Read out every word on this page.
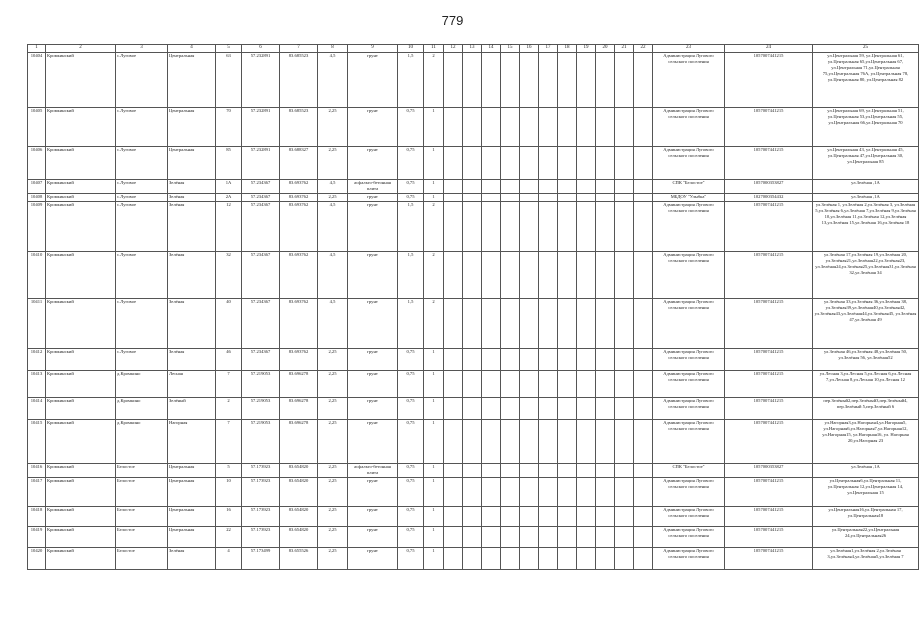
779
1	2	3	4	5	6	7	8	9	10	11	12	13	14	15	16	17	18	19	20	21	22	23	24	25
10404	Кромкинский	с.Луговое	Центральная	63	57.232891	83.685523	4,5	грунт	1,5	2												Администрация Лугового сельского поселения	1057007441215	ул.Центральная 59, ул.Центральная 61, ул.Центральная 65,ул.Центральная 67, ул.Центральная 71,ул.Центральная 75,ул.Центральная 76А, ул.Центральная 78, ул.Центральная 80, ул.Центральная 82
10405	Кромкинский	с.Луговое	Центральная	70	57.232891	83.685523	2,25	грунт	0,75	1												Администрация Лугового сельского поселения	1057007441215	ул.Центральная 69, ул.Центральная 51, ул.Центральная 53,ул.Центральная 55, ул.Центральная 66,ул.Центральная 70
10406	Кромкинский	с.Луговое	Центральная	85	57.232891	83.688327	2,25	грунт	0,75	1												Администрация Лугового сельского поселения	1057007441215	ул.Центральная 43, ул.Центральная 45, ул.Центральная 47,ул.Центральная 30, ул.Центральная 85
10407	Кромкинский	с.Луговое	Зелёная	1А	57.234367	83.693762	4,5	асфальто-бетонная плита	0,75	1												СПК "Белостое"	1057000353827	ул.Зелёная ,1А
10408	Кромкинский	с.Луговое	Зелёная	2А	57.234367	83.693762	2,25	грунт	0,75	1												МБДОУ "Улыбка"	1027000354432	ул.Зелёная ,1А
10409	Кромкинский	с.Луговое	Зелёная	12	57.234367	83.693762	4,5	грунт	1,5	2												Администрация Лугового сельского поселения	1057007441215	ул.Зелёная 1, ул.Зелёная 2,ул.Зелёная 3, ул.Зелёная 5,ул.Зелёная 6,ул.Зелёная 7,ул.Зелёная 9,ул.Зелёная 10,ул.Зелёная 11,ул.Зелёная 12,ул.Зелёная 13,ул.Зелёная 15,ул.Зелёная 16,ул.Зелёная 18
10410	Кромкинский	с.Луговое	Зелёная	32	57.234367	83.693762	4,5	грунт	1,5	2												Администрация Лугового сельского поселения	1057007441215	ул.Зелёная 17,ул.Зелёная 19,ул.Зелёная 20, ул.Зелёная21,ул.Зелёная22,ул.Зелёная23, ул.Зелёная24,ул.Зелёная25,ул.Зелёная31,ул.Зелёная 32,ул.Зелёная 34
10411	Кромкинский	с.Луговое	Зелёная	40	57.234367	83.693762	4,5	грунт	1,5	2												Администрация Лугового сельского поселения	1057007441215	ул.Зелёная 33,ул.Зелёная 36,ул.Зелёная 38, ул.Зелёная39,ул.Зелёная40,ул.Зелёная42, ул.Зелёная43,ул.Зелёная44,ул.Зелёная45, ул.Зелёная 47,ул.Зелёная 49
10412	Кромкинский	с.Луговое	Зелёная	46	57.234367	83.693762	2,25	грунт	0,75	1												Администрация Лугового сельского поселения	1057007441215	ул.Зелёная 46,ул.Зелёная 48,ул.Зелёная 50, ул.Зелёная 56, ул.Зелёная52
10413	Кромкинский	д.Кромкино	Лесная	7	57.219053	83.696278	2,25	грунт	0,75	1												Администрация Лугового сельского поселения	1057007441215	ул.Лесная 3,ул.Лесная 5,ул.Лесная 6,ул.Лесная 7,ул.Лесная 8,ул.Лесная 10,ул.Лесная 12
10414	Кромкинский	д.Кромкино	Зелёный	2	57.219053	83.696278	2,25	грунт	0,75	1												Администрация Лугового сельского поселения	1057007441215	пер.Зелёный2,пер.Зелёный3,пер.Зелёный4, пер.Зелёный 5,пер.Зелёный 6
10415	Кромкинский	д.Кромкино	Нагорная	7	57.219053	83.696278	2,25	грунт	0,75	1												Администрация Лугового сельского поселения	1057007441215	ул.Нагорная3,ул.Нагорная4,ул.Нагорная5, ул.Нагорная6,ул.Нагорная7,ул.Нагорная12, ул.Нагорная15, ул.Нагорная16, ул. Нагорная 20,ул.Нагорная 23
10416	Кромкинский	Белостое	Центральная	5	57.173923	83.654820	2,25	асфальто-бетонная плита	0,75	1												СПК "Белостое"	1057000353827	ул.Зелёная ,1А
10417	Кромкинский	Белостое	Центральная	10	57.173923	83.654820	2,25	грунт	0,75	1												Администрация Лугового сельского поселения	1057007441215	ул.Центральная6,ул.Центральная 11, ул.Центральная 12,ул.Центральная 14, ул.Центральная 15
10418	Кромкинский	Белостое	Центральная	16	57.173923	83.654820	2,25	грунт	0,75	1												Администрация Лугового сельского поселения	1057007441215	ул.Центральная16,ул.Центральная 17, ул.Центральная18
10419	Кромкинский	Белостое	Центральная	22	57.173923	83.654820	2,25	грунт	0,75	1												Администрация Лугового сельского поселения	1057007441215	ул.Центральная22,ул.Центральная 24,ул.Центральная26
10420	Кромкинский	Белостое	Зелёная	4	57.173499	83.655526	2,25	грунт	0,75	1												Администрация Лугового сельского поселения	1057007441215	ул.Зелёная1,ул.Зелёная 2,ул.Зелёная 3,ул.Зелёная4,ул.Зелёная5,ул.Зелёная 7
